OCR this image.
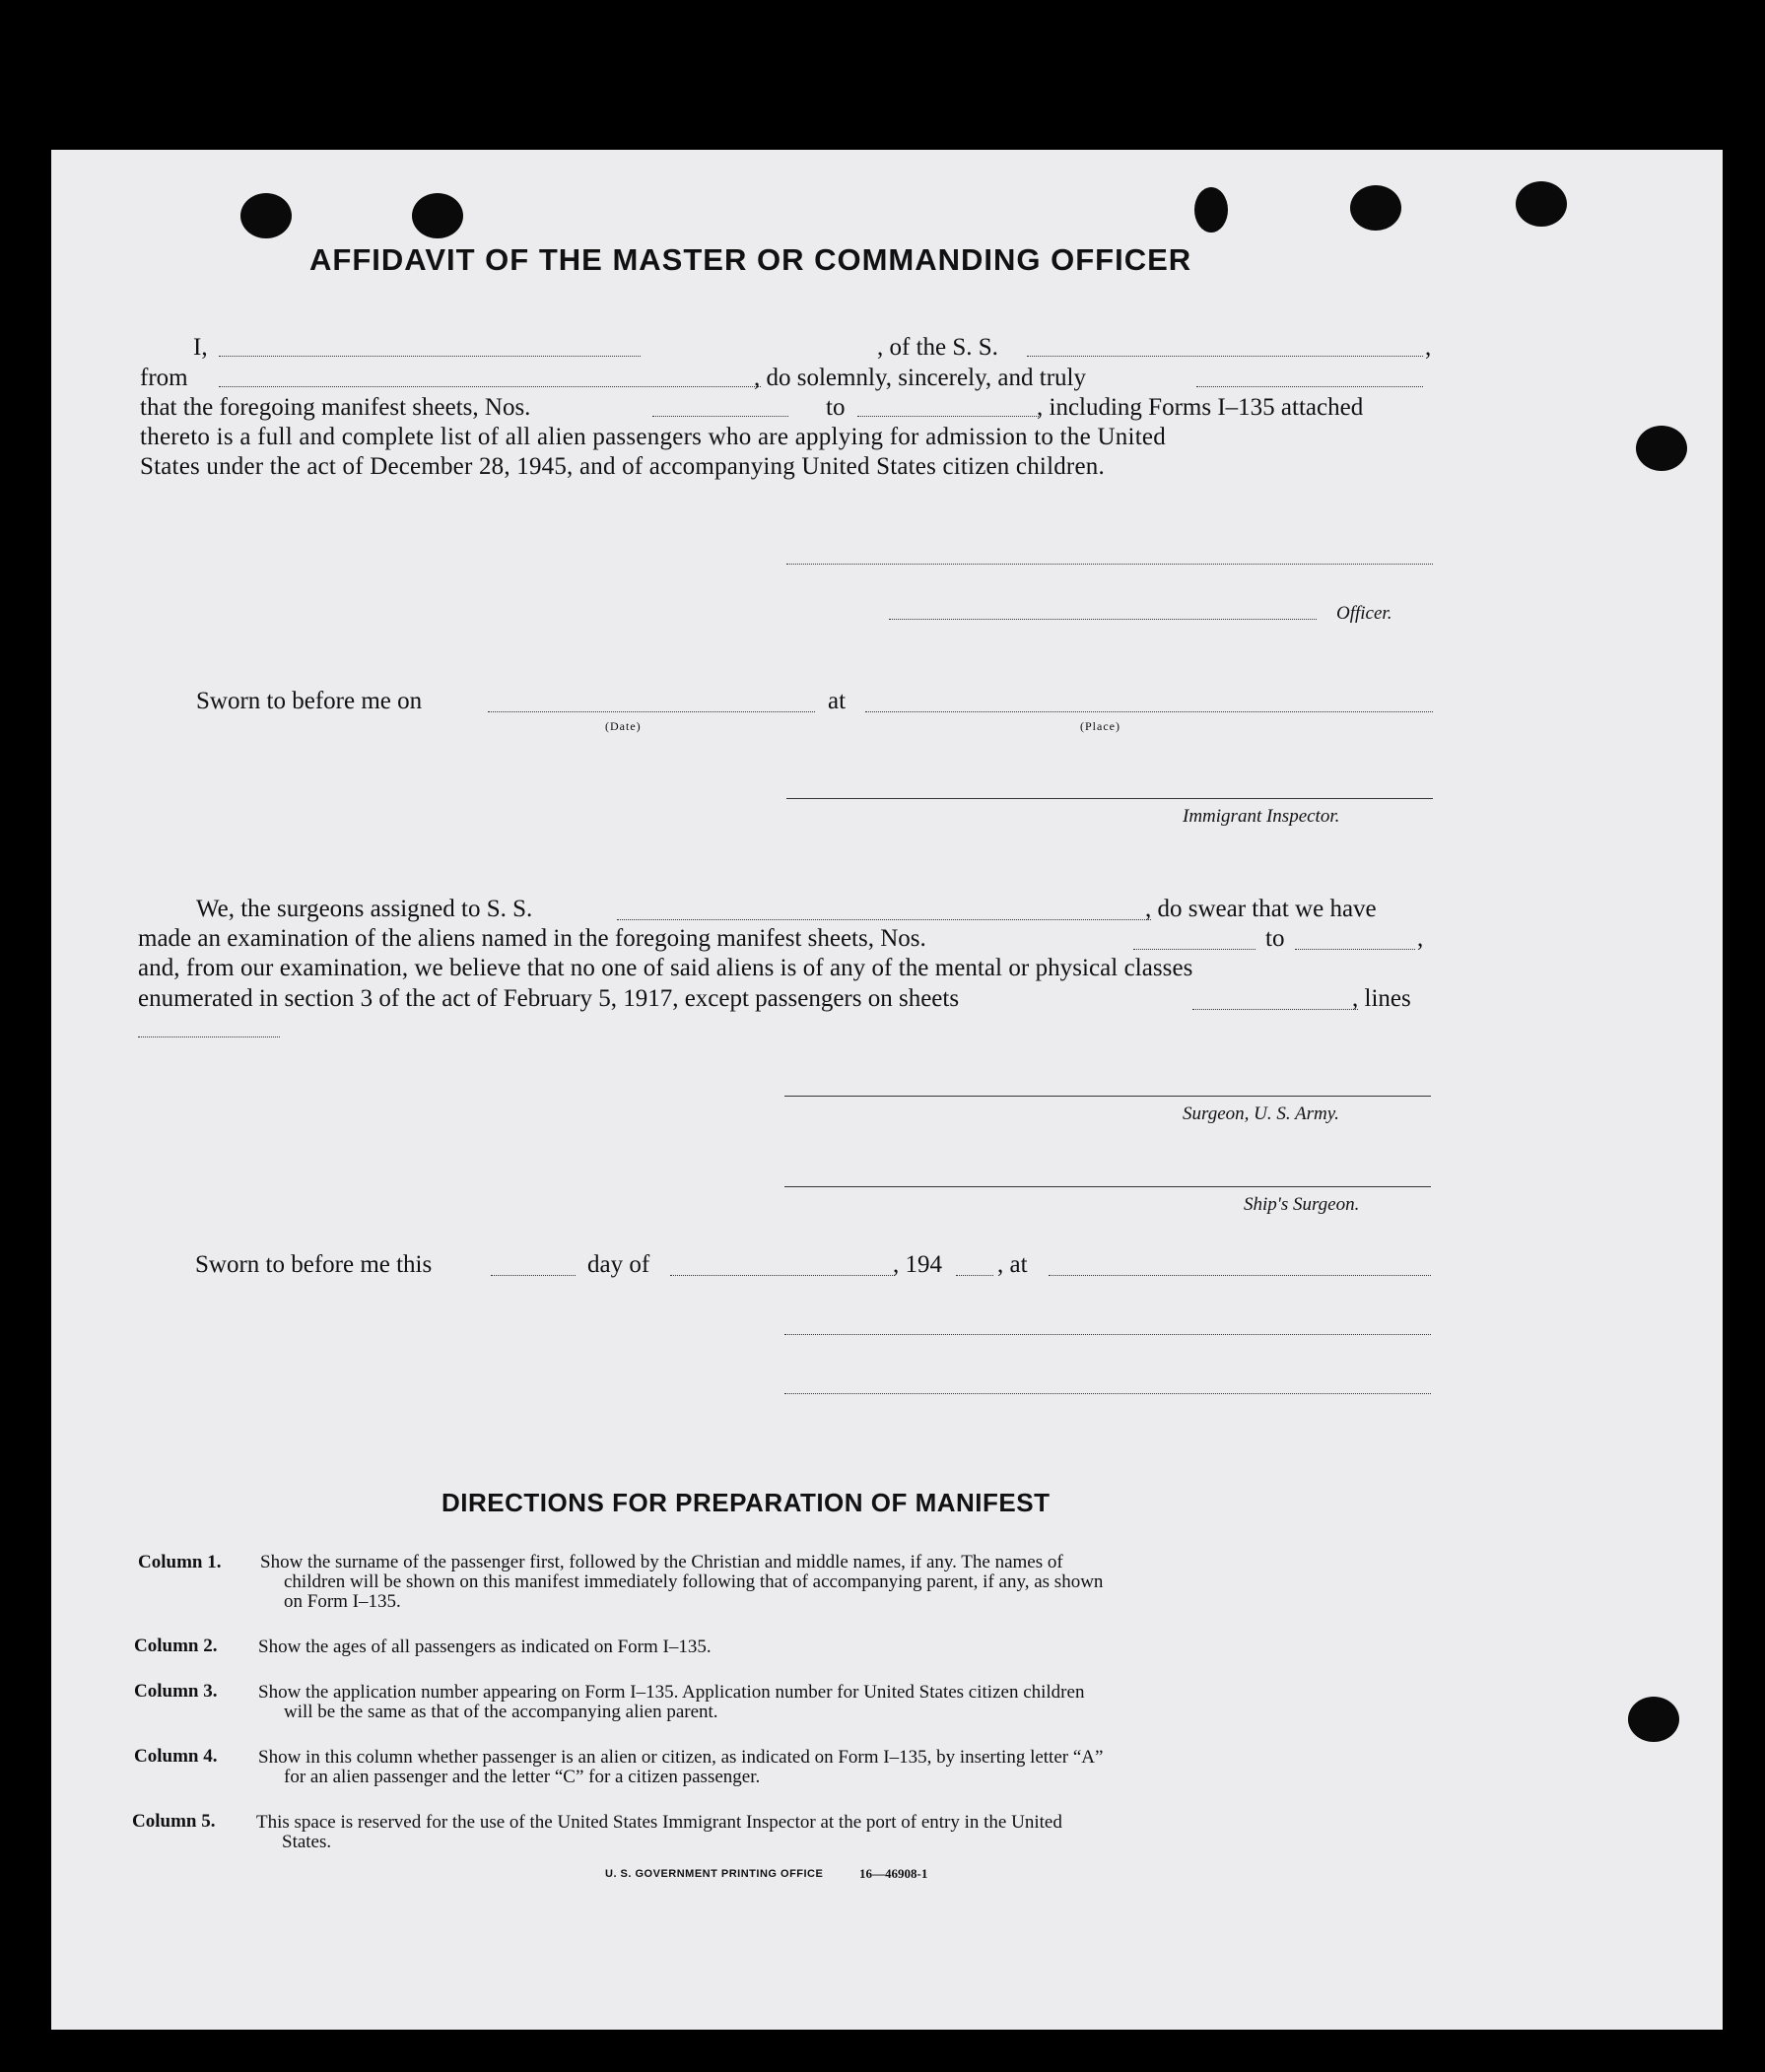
AFFIDAVIT OF THE MASTER OR COMMANDING OFFICER
I,	, of the S. S.	,
from	, do solemnly, sincerely, and truly
that the foregoing manifest sheets, Nos.	to	, including Forms I–135 attached
thereto is a full and complete list of all alien passengers who are applying for admission to the United
States under the act of December 28, 1945, and of accompanying United States citizen children.
Officer.
Sworn to before me on
(Date)
at
(Place)
Immigrant Inspector.
We, the surgeons assigned to S. S.	, do swear that we have
made an examination of the aliens named in the foregoing manifest sheets, Nos.	to	,
and, from our examination, we believe that no one of said aliens is of any of the mental or physical classes
enumerated in section 3 of the act of February 5, 1917, except passengers on sheets	, lines
Surgeon, U. S. Army.
Ship's Surgeon.
Sworn to before me this	day of	, 194 , at
DIRECTIONS FOR PREPARATION OF MANIFEST
Column 1. Show the surname of the passenger first, followed by the Christian and middle names, if any. The names of
children will be shown on this manifest immediately following that of accompanying parent, if any, as shown
on Form I–135.
Column 2. Show the ages of all passengers as indicated on Form I–135.
Column 3. Show the application number appearing on Form I–135. Application number for United States citizen children
will be the same as that of the accompanying alien parent.
Column 4. Show in this column whether passenger is an alien or citizen, as indicated on Form I–135, by inserting letter “A”
for an alien passenger and the letter “C” for a citizen passenger.
Column 5. This space is reserved for the use of the United States Immigrant Inspector at the port of entry in the United
States.
U. S. GOVERNMENT PRINTING OFFICE	16—46908-1
